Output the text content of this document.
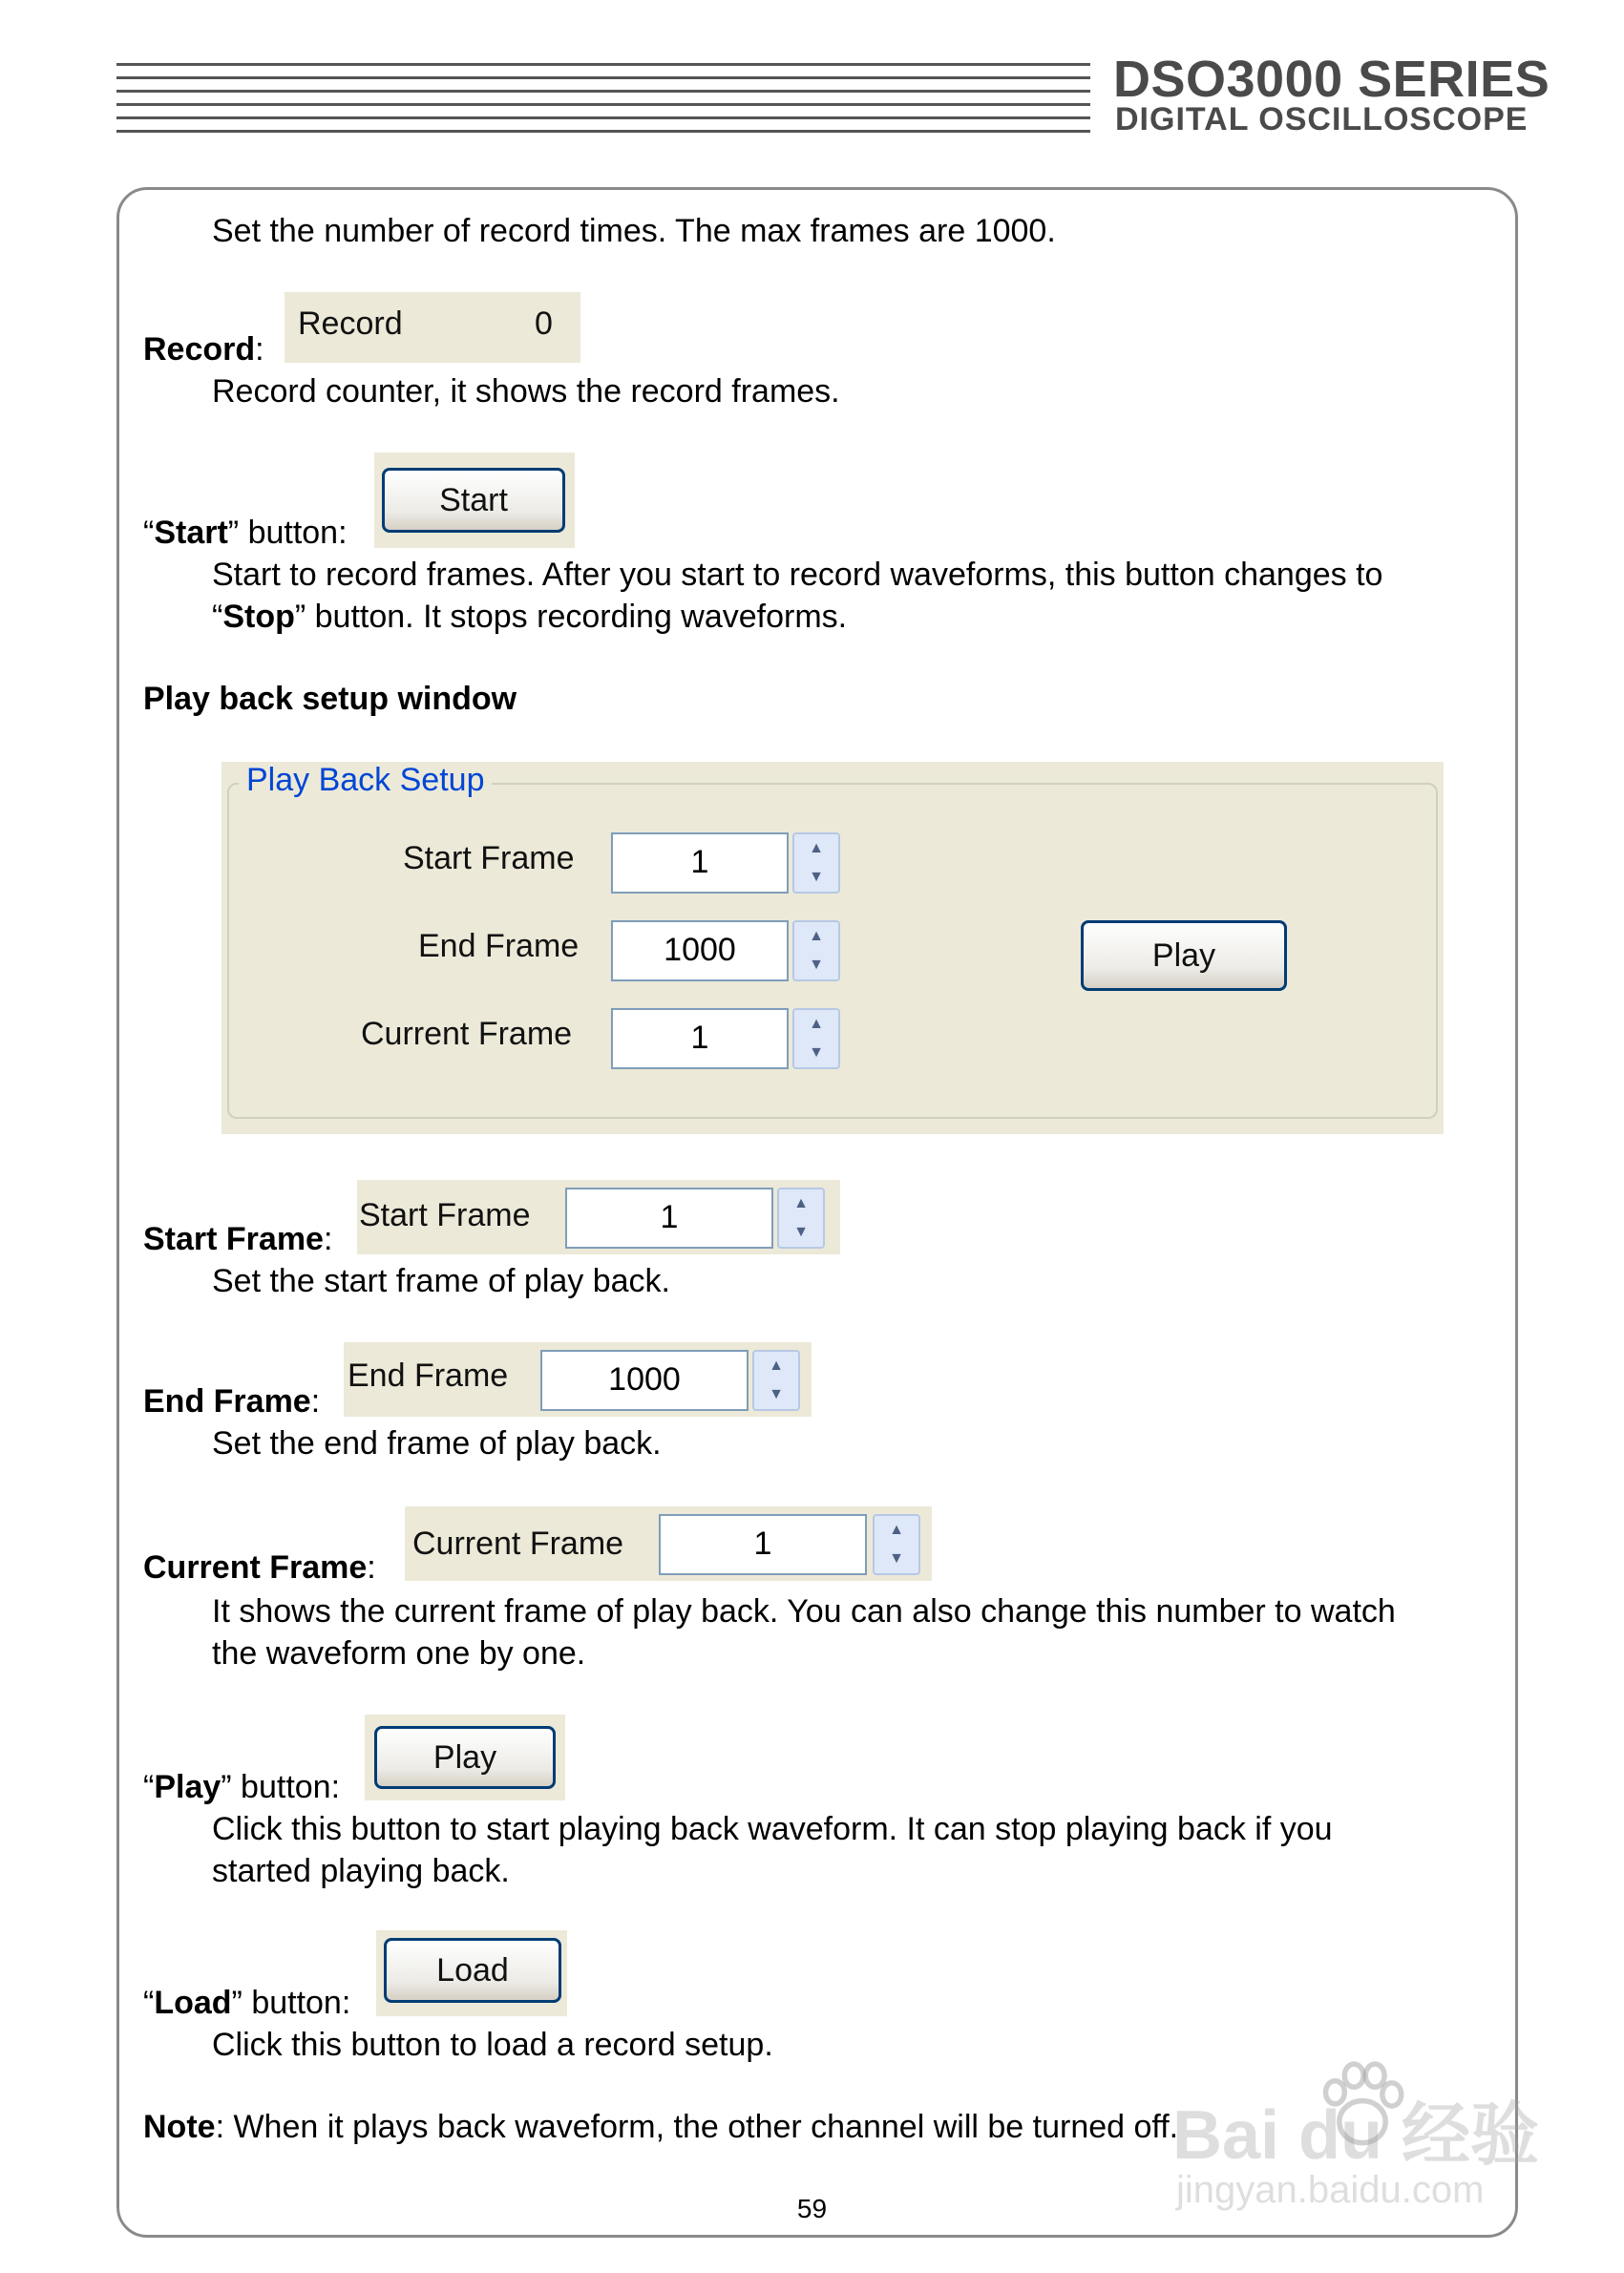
DSO3000 SERIES
DIGITAL OSCILLOSCOPE
Set the number of record times. The max frames are 1000.
Record	0
Record:
Record counter, it shows the record frames.
Start
“Start” button:
Start to record frames. After you start to record waveforms, this button changes to
“Stop” button. It stops recording waveforms.
Play back setup window
Play Back Setup
Start Frame	1	▲
▼
End Frame	1000	▲
▼
Current Frame	1	▲
▼
Play
Start Frame	1	▲
▼
Start Frame:
Set the start frame of play back.
End Frame	1000	▲
▼
End Frame:
Set the end frame of play back.
Current Frame	1	▲
▼
Current Frame:
It shows the current frame of play back. You can also change this number to watch
the waveform one by one.
Play
“Play” button:
Click this button to start playing back waveform. It can stop playing back if you
started playing back.
Load
“Load” button:
Click this button to load a record setup.
Note: When it plays back waveform, the other channel will be turned off.
59
Bai du 经验
jingyan.baidu.com
